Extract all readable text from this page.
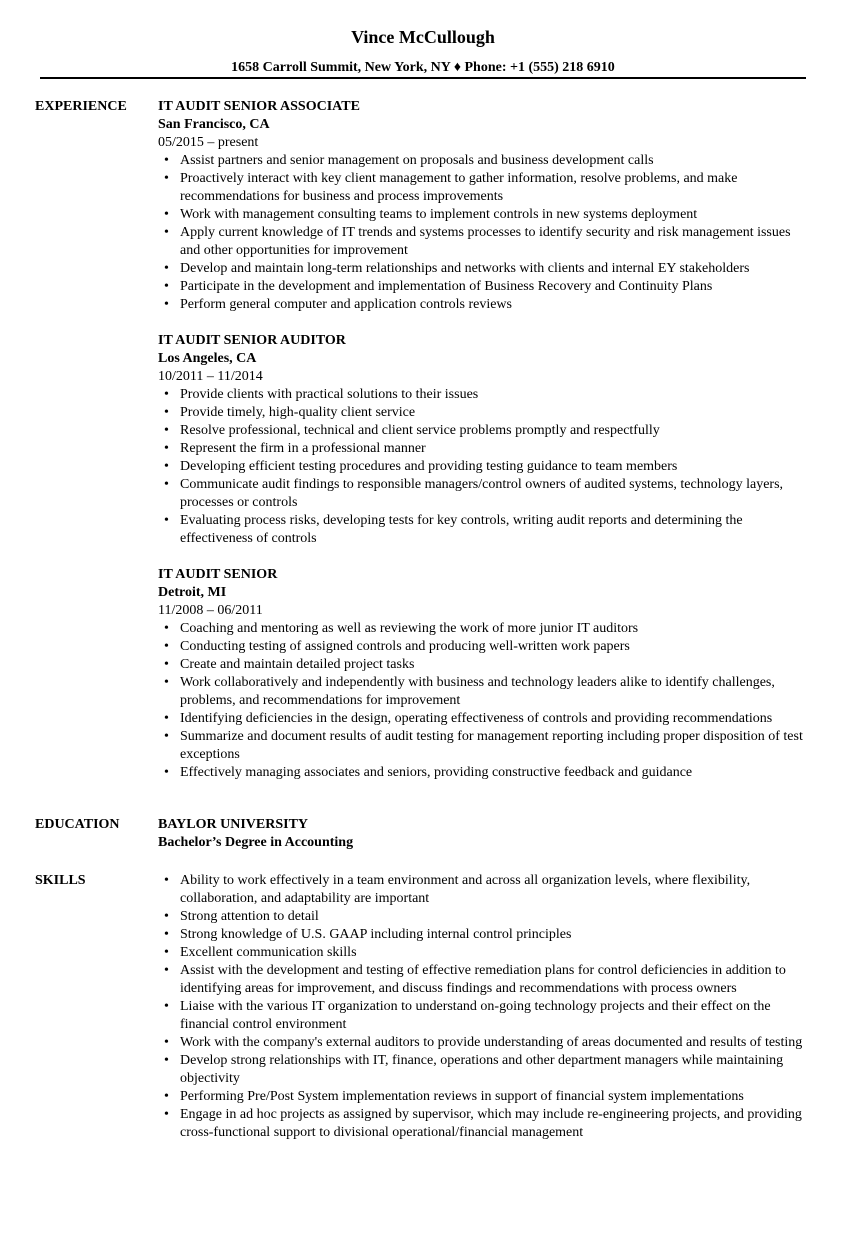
Vince McCullough
1658 Carroll Summit, New York, NY ♦ Phone: +1 (555) 218 6910
EXPERIENCE IT AUDIT SENIOR ASSOCIATE
San Francisco, CA
05/2015 – present
• Assist partners and senior management on proposals and business development calls
• Proactively interact with key client management to gather information, resolve problems, and make recommendations for business and process improvements
• Work with management consulting teams to implement controls in new systems deployment
• Apply current knowledge of IT trends and systems processes to identify security and risk management issues and other opportunities for improvement
• Develop and maintain long-term relationships and networks with clients and internal EY stakeholders
• Participate in the development and implementation of Business Recovery and Continuity Plans
• Perform general computer and application controls reviews
IT AUDIT SENIOR AUDITOR
Los Angeles, CA
10/2011 – 11/2014
• Provide clients with practical solutions to their issues
• Provide timely, high-quality client service
• Resolve professional, technical and client service problems promptly and respectfully
• Represent the firm in a professional manner
• Developing efficient testing procedures and providing testing guidance to team members
• Communicate audit findings to responsible managers/control owners of audited systems, technology layers, processes or controls
• Evaluating process risks, developing tests for key controls, writing audit reports and determining the effectiveness of controls
IT AUDIT SENIOR
Detroit, MI
11/2008 – 06/2011
• Coaching and mentoring as well as reviewing the work of more junior IT auditors
• Conducting testing of assigned controls and producing well-written work papers
• Create and maintain detailed project tasks
• Work collaboratively and independently with business and technology leaders alike to identify challenges, problems, and recommendations for improvement
• Identifying deficiencies in the design, operating effectiveness of controls and providing recommendations
• Summarize and document results of audit testing for management reporting including proper disposition of test exceptions
• Effectively managing associates and seniors, providing constructive feedback and guidance
EDUCATION	BAYLOR UNIVERSITY
Bachelor’s Degree in Accounting
SKILLS
•	Ability to work effectively in a team environment and across all organization levels, where flexibility, collaboration, and adaptability are important
• Strong attention to detail
• Strong knowledge of U.S. GAAP including internal control principles
• Excellent communication skills
• Assist with the development and testing of effective remediation plans for control deficiencies in addition to identifying areas for improvement, and discuss findings and recommendations with process owners
• Liaise with the various IT organization to understand on-going technology projects and their effect on the financial control environment
• Work with the company's external auditors to provide understanding of areas documented and results of testing
• Develop strong relationships with IT, finance, operations and other department managers while maintaining objectivity
• Performing Pre/Post System implementation reviews in support of financial system implementations
• Engage in ad hoc projects as assigned by supervisor, which may include re-engineering projects, and providing cross-functional support to divisional operational/financial management
